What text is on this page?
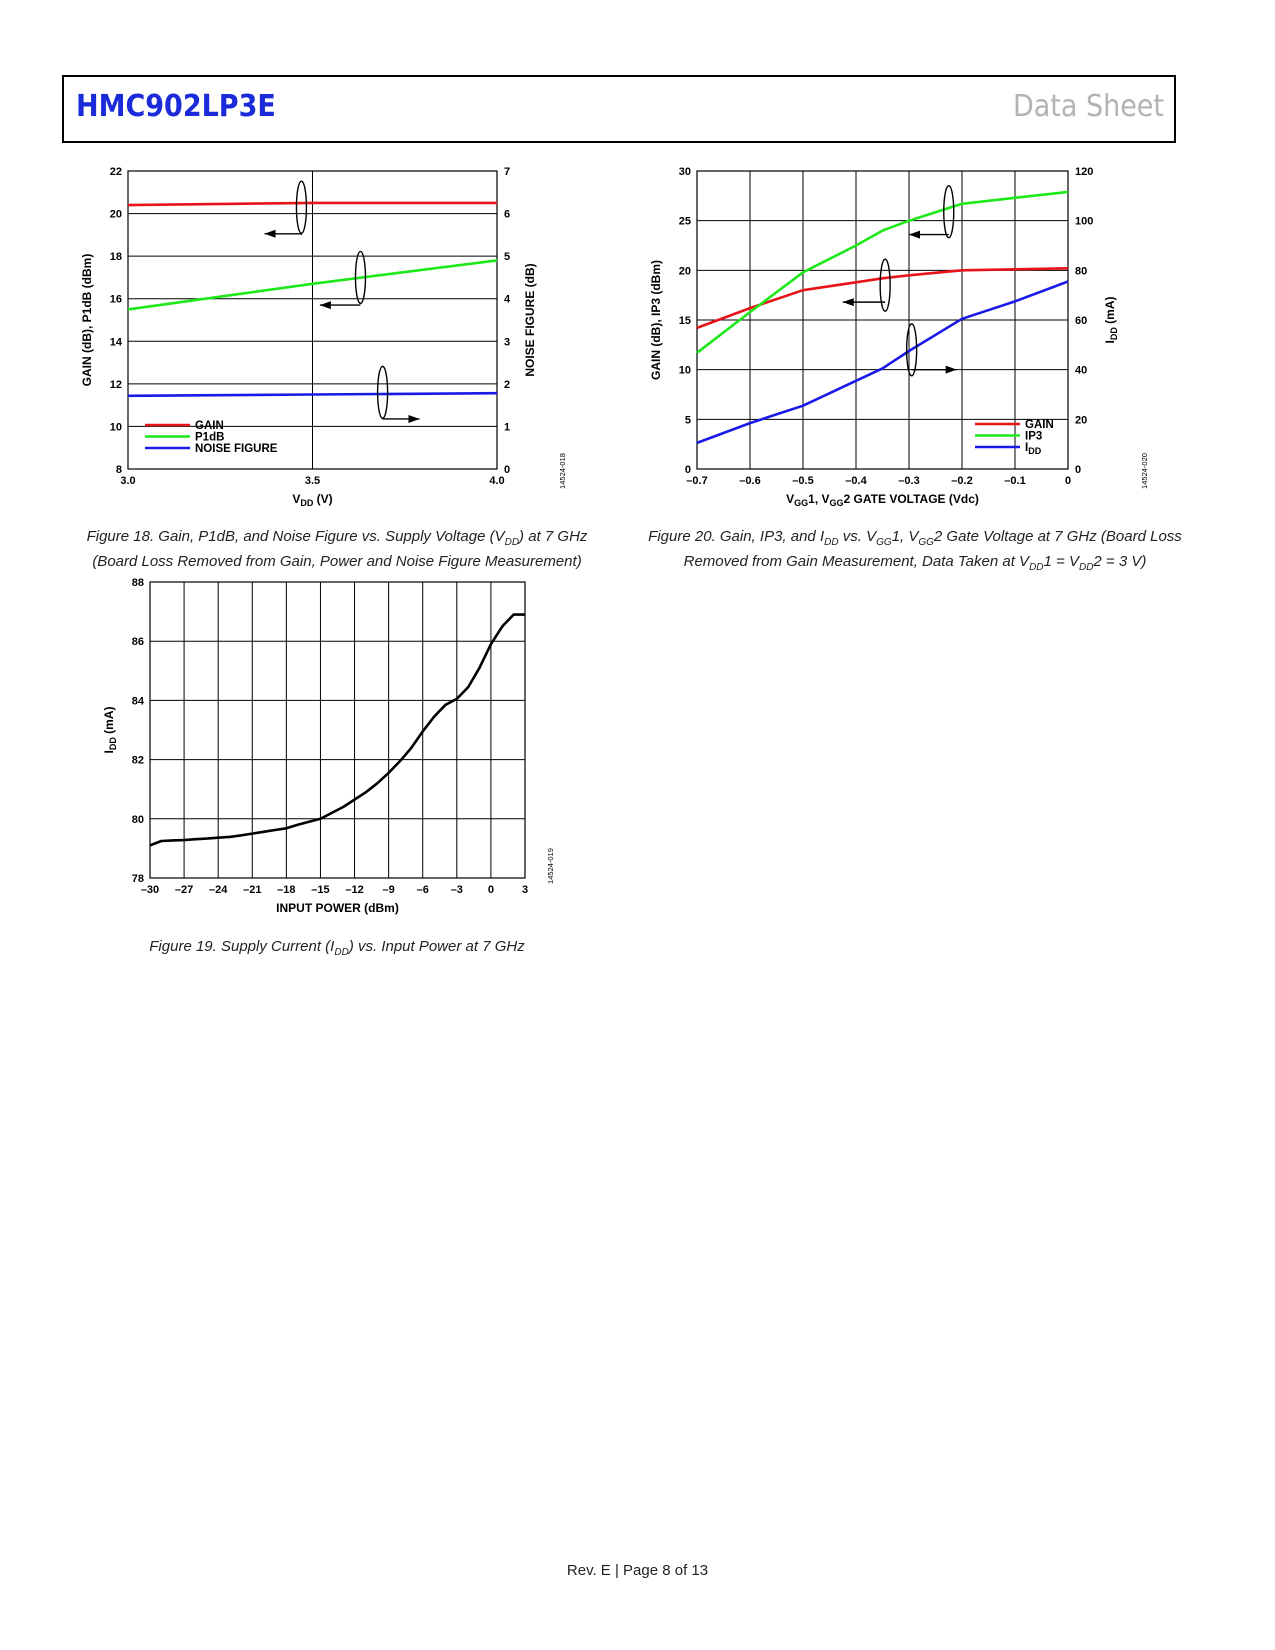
HMC902LP3E	Data Sheet
3.0	3.5	4.0
8
10
12
14
16
18
20
22
0
1
2
3
4
5
6
7
$V_{DD}$ (V)
GAIN (dB), P1dB (dBm)	NOISE FIGURE (dB)
GAIN
P1dB
NOISE FIGURE
14524-018
–30 –27 –24 –21 –18 –15 –12 –9 –6 –3 0	3
78
80
82
84
86
88
INPUT POWER (dBm)
$I_{DD}$ (mA)
14524-019
–0.7	–0.6	–0.5	–0.4	–0.3	–0.2	–0.1	0
0
5
10
15
20
25
30
0
20
40
60
80
100
120
$V_{GG}1$, $V_{GG}2$ GATE VOLTAGE (Vdc)
GAIN (dB), IP3 (dBm)	$I_{DD}$ (mA)
GAIN
IP3
$I_{DD}$
14524-020
Figure 18. Gain, P1dB, and Noise Figure vs. Supply Voltage $(V_{DD})$ at 7 GHz
(Board Loss Removed from Gain, Power and Noise Figure Measurement)
Figure 19. Supply Current $(I_{DD})$ vs. Input Power at 7 GHz
Figure 20. Gain, IP3, and $I_{DD}$ vs. $V_{GG}1$, $V_{GG}2$ Gate Voltage at 7 GHz (Board Loss
Removed from Gain Measurement, Data Taken at $V_{DD}1 = V_{DD}2 = 3$ V)
Rev. E | Page 8 of 13
